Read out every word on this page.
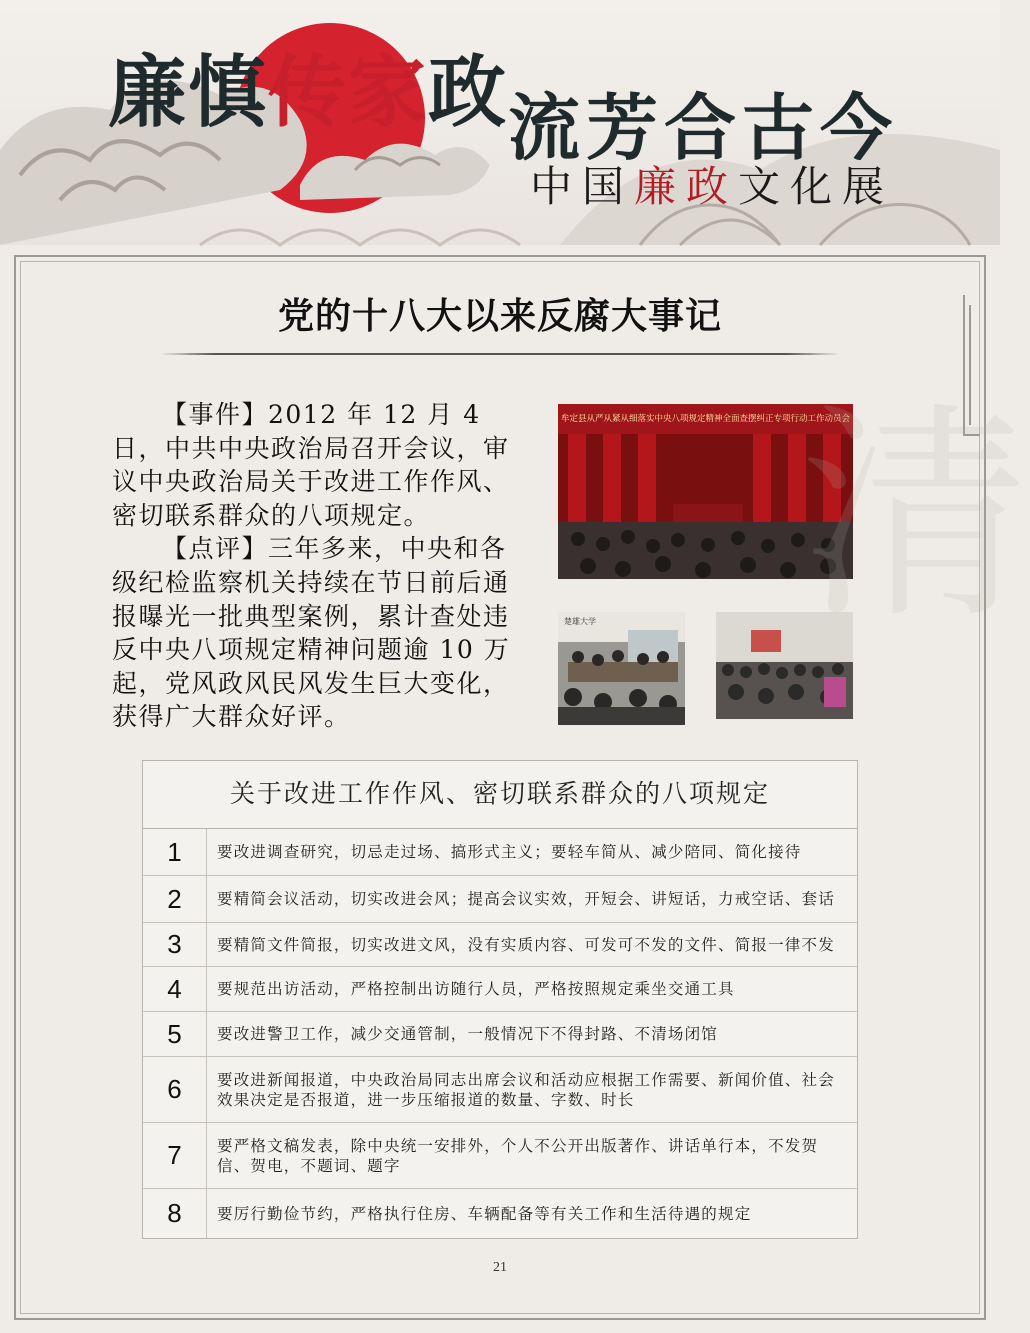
廉慎传家政 流芳合古今
中 国 廉 政 文 化 展
党的十八大以来反腐大事记

【事件】2012 年 12 月 4 日，中共中央政治局召开会议，审议中央政治局关于改进工作作风、密切联系群众的八项规定。

【点评】三年多来，中央和各级纪检监察机关持续在节日前后通报曝光一批典型案例，累计查处违反中央八项规定精神问题逾 10 万起，党风政风民风发生巨大变化，获得广大群众好评。

牟定县从严从紧从细落实中央八项规定精神全面查摆纠正专项行动工作动员会
楚雄大学 清
关于改进工作作风、密切联系群众的八项规定
1	要改进调查研究，切忌走过场、搞形式主义；要轻车简从、减少陪同、简化接待
2	要精简会议活动，切实改进会风；提高会议实效，开短会、讲短话，力戒空话、套话
3	要精简文件简报，切实改进文风，没有实质内容、可发可不发的文件、简报一律不发
4	要规范出访活动，严格控制出访随行人员，严格按照规定乘坐交通工具
5	要改进警卫工作，减少交通管制，一般情况下不得封路、不清场闭馆
6	要改进新闻报道，中央政治局同志出席会议和活动应根据工作需要、新闻价值、社会效果决定是否报道，进一步压缩报道的数量、字数、时长
7	要严格文稿发表，除中央统一安排外，个人不公开出版著作、讲话单行本，不发贺信、贺电，不题词、题字
8	要厉行勤俭节约，严格执行住房、车辆配备等有关工作和生活待遇的规定
21
